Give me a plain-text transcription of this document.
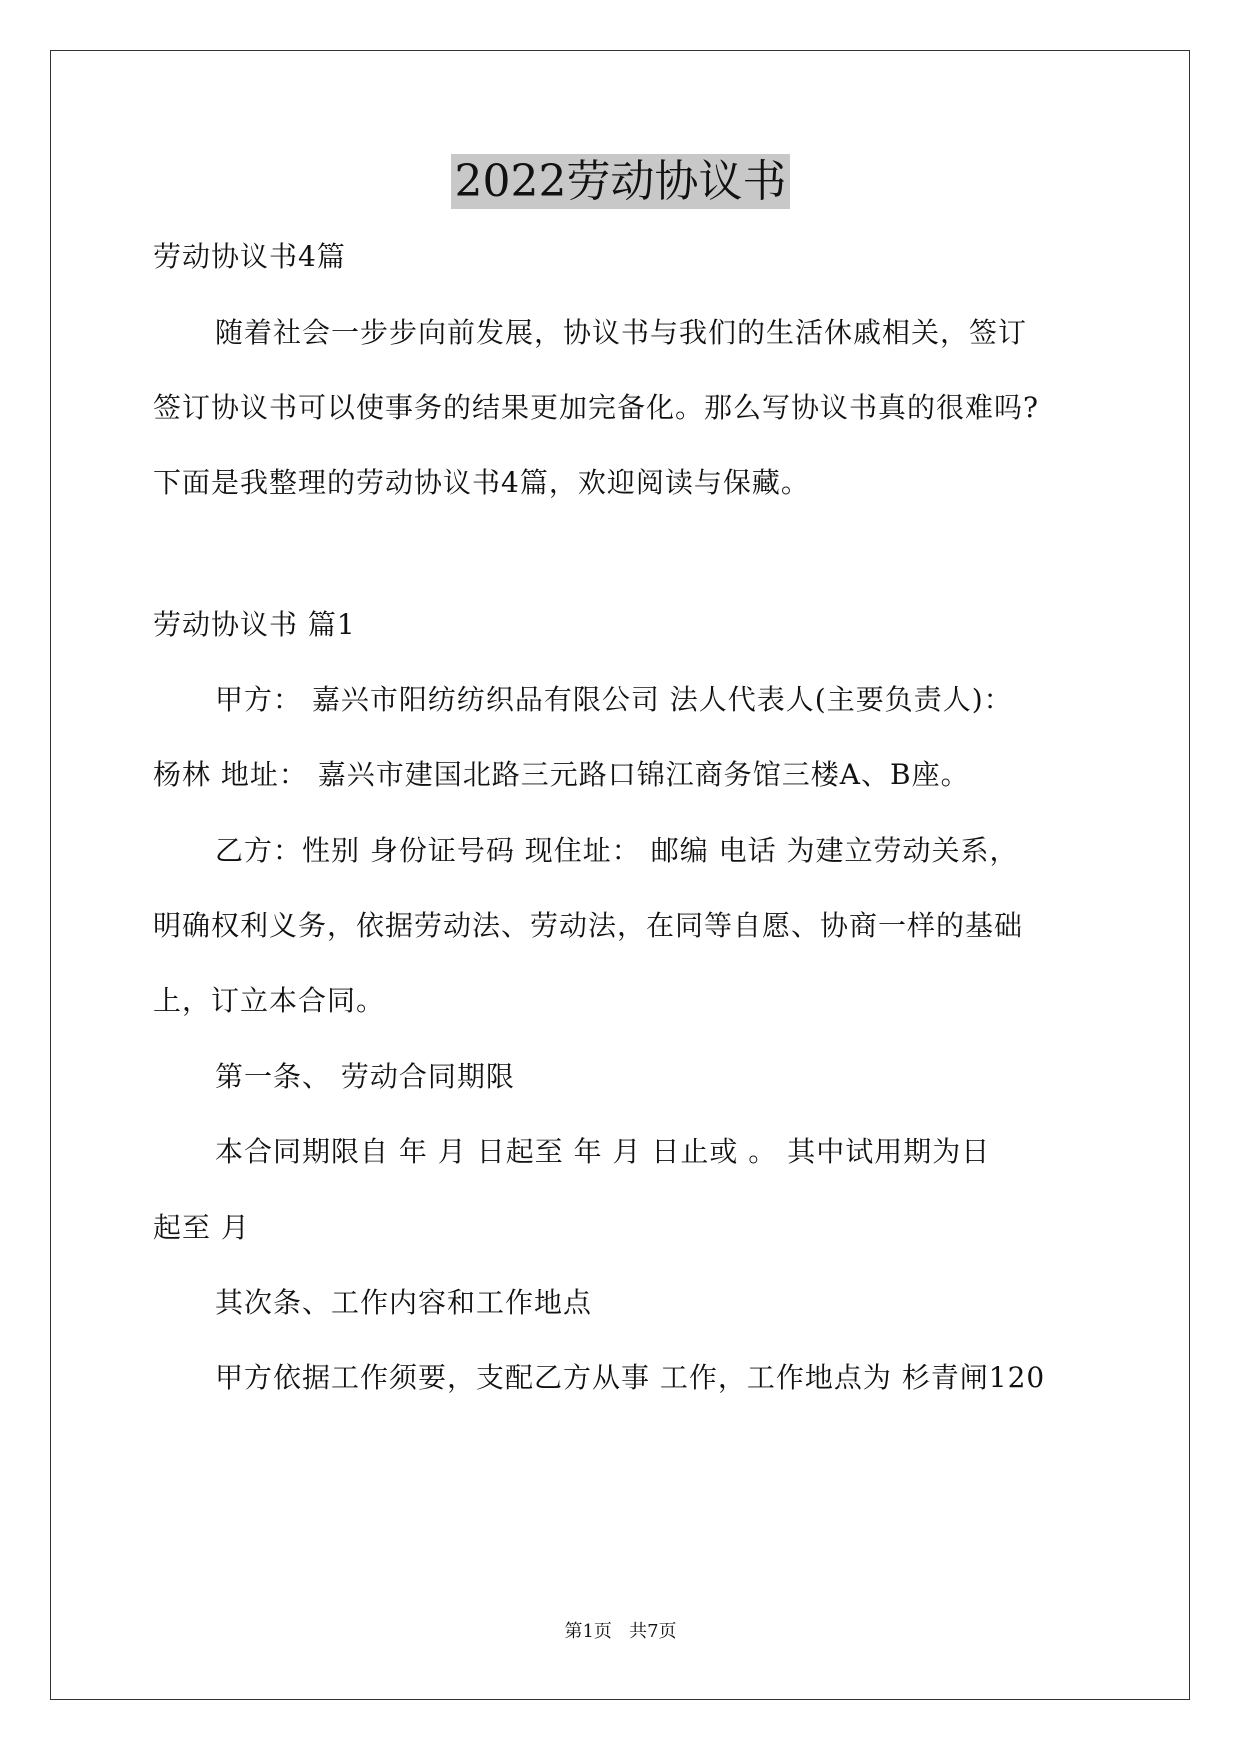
2022劳动协议书
劳动协议书4篇
随着社会一步步向前发展，协议书与我们的生活休戚相关，签订
签订协议书可以使事务的结果更加完备化。那么写协议书真的很难吗?
下面是我整理的劳动协议书4篇，欢迎阅读与保藏。
劳动协议书 篇1
甲方： 嘉兴市阳纺纺织品有限公司 法人代表人(主要负责人)：
杨林 地址： 嘉兴市建国北路三元路口锦江商务馆三楼A、B座。
乙方：性别 身份证号码 现住址： 邮编 电话 为建立劳动关系，
明确权利义务，依据劳动法、劳动法，在同等自愿、协商一样的基础
上，订立本合同。
第一条、 劳动合同期限
本合同期限自 年 月 日起至 年 月 日止或 。 其中试用期为日
起至 月
其次条、工作内容和工作地点
甲方依据工作须要，支配乙方从事 工作，工作地点为 杉青闸120
第1页   共7页
